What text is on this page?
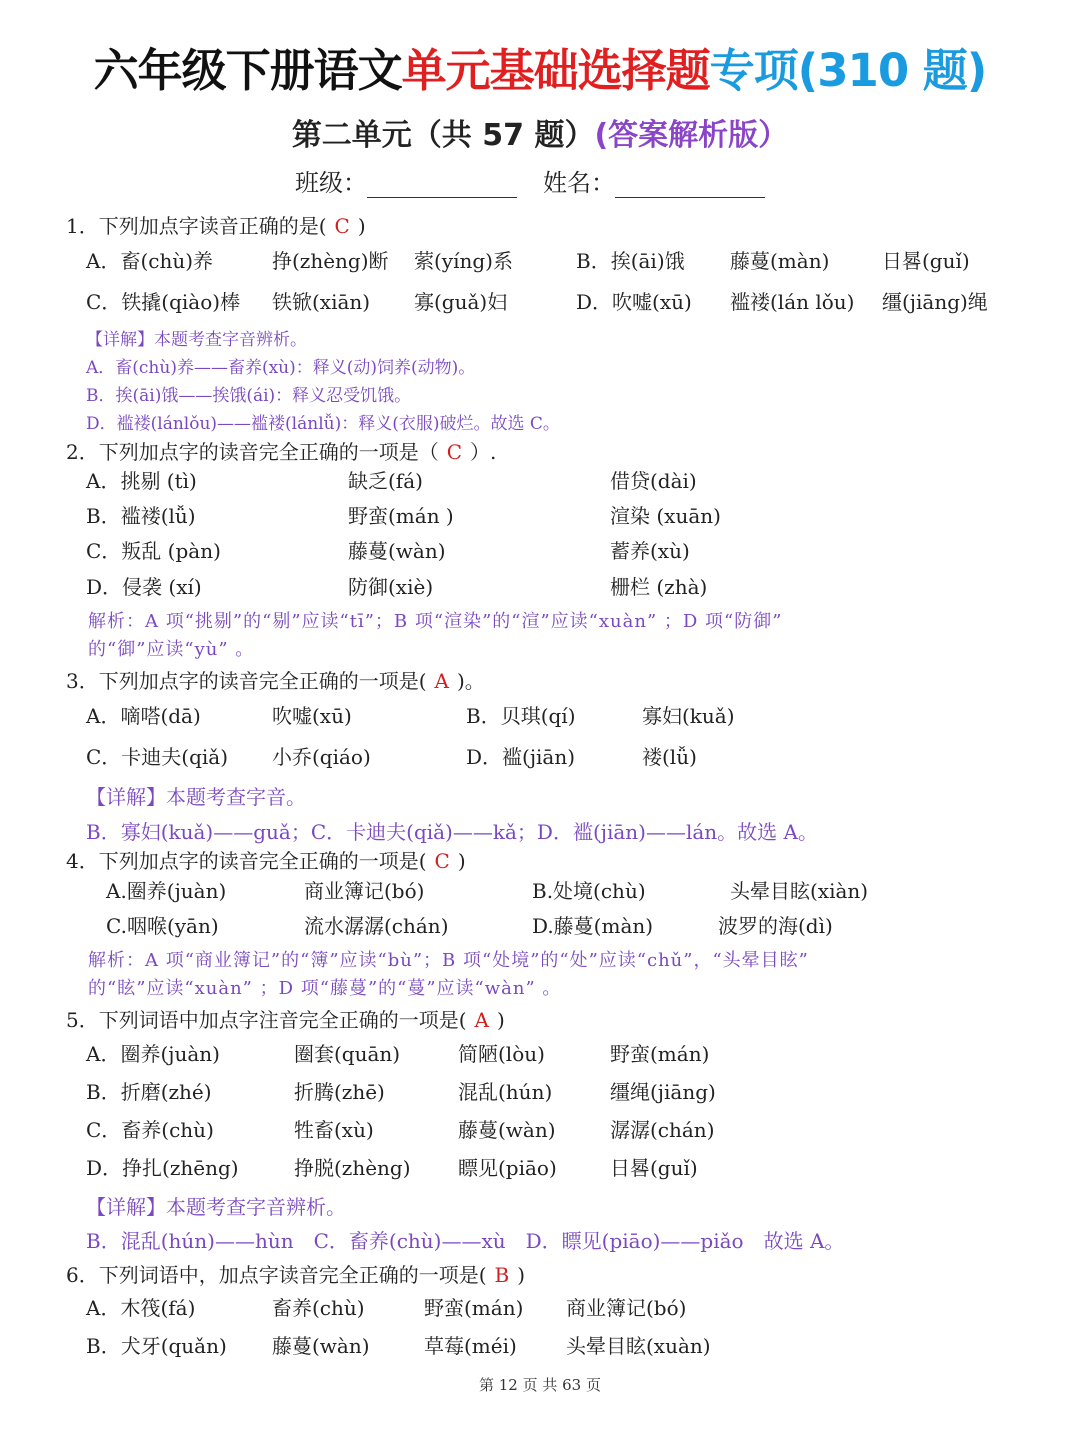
六年级下册语文单元基础选择题专项(310 题)
第二单元（共 57 题）(答案解析版）
班级：	姓名：
1．下列加点字读音正确的是( C )
A．畜(chù)养	挣(zhèng)断 萦(yíng)系	B．挨(āi)饿 藤蔓(màn)	日晷(guǐ)
C．铁撬(qiào)棒 铁锨(xiān) 寡(guǎ)妇	D．吹嘘(xū) 褴褛(lán lǒu) 缰(jiāng)绳
【详解】本题考查字音辨析。
A．畜(chù)养——畜养(xù)：释义(动)饲养(动物)。
B．挨(āi)饿——挨饿(ái)：释义忍受饥饿。
D．褴褛(lánlǒu)——褴褛(lánlǚ)：释义(衣服)破烂。故选 C。
2．下列加点字的读音完全正确的一项是（ C ）.
A．挑剔 (tì)	缺乏(fá)	借贷(dài)
B．褴褛(lǚ)	野蛮(mán )	渲染 (xuān)
C．叛乱 (pàn)	藤蔓(wàn)	蓄养(xù)
D．侵袭 (xí)	防御(xiè)	栅栏 (zhà)
解析：A 项“挑剔”的“剔”应读“tī”；B 项“渲染”的“渲”应读“xuàn” ；D 项“防御”
的“御”应读“yù” 。
3．下列加点字的读音完全正确的一项是( A )。
A．嘀嗒(dā)	吹嘘(xū)	B．贝琪(qí)	寡妇(kuǎ)
C．卡迪夫(qiǎ) 小乔(qiáo)	D．褴(jiān)	褛(lǚ)
【详解】本题考查字音。
B．寡妇(kuǎ)——guǎ；C．卡迪夫(qiǎ)——kǎ；D．褴(jiān)——lán。故选 A。
4．下列加点字的读音完全正确的一项是( C )
A.圈养(juàn)	商业簿记(bó)	B.处境(chù)	头晕目眩(xiàn)
C.咽喉(yān)	流水潺潺(chán)	D.藤蔓(màn)	波罗的海(dì)
解析：A 项“商业簿记”的“簿”应读“bù”；B 项“处境”的“处”应读“chǔ”，“头晕目眩”
的“眩”应读“xuàn” ；D 项“藤蔓”的“蔓”应读“wàn” 。
5．下列词语中加点字注音完全正确的一项是( A )
A．圈养(juàn)	圈套(quān)	简陋(lòu)	野蛮(mán)
B．折磨(zhé)	折腾(zhē)	混乱(hún)	缰绳(jiāng)
C．畜养(chù)	牲畜(xù)	藤蔓(wàn)	潺潺(chán)
D．挣扎(zhēng)	挣脱(zhèng) 瞟见(piāo)	日晷(guǐ)
【详解】本题考查字音辨析。
B．混乱(hún)——hùn　C．畜养(chù)——xù　D．瞟见(piāo)——piǎo　故选 A。
6．下列词语中，加点字读音完全正确的一项是( B )
A．木筏(fá)	畜养(chù)	野蛮(mán) 商业簿记(bó)
B．犬牙(quǎn) 藤蔓(wàn)	草莓(méi) 头晕目眩(xuàn)
第 12 页 共 63 页
